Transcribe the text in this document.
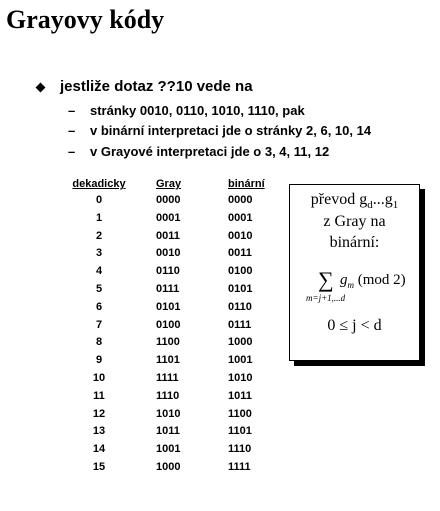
Grayovy kódy
jestliže dotaz ??10 vede na
– stránky 0010, 0110, 1010, 1110, pak
– v binární interpretaci jde o stránky 2, 6, 10, 14
– v Grayové interpretaci jde o 3, 4, 11, 12
dekadicky
0
1
2
3
4
5
6
7
8
9
10
11
12
13
14
15
Gray
0000
0001
0011
0010
0110
0111
0101
0100
1100
1101
1111
1110
1010
1011
1001
1000
binární
0000
0001
0010
0011
0100
0101
0110
0111
1000
1001
1010
1011
1100
1101
1110
1111
převod $g_d...g_1$
z Gray na
binární:
∑
m=j+1,...d
$g_m$ (mod 2)
0 ≤ j < d
